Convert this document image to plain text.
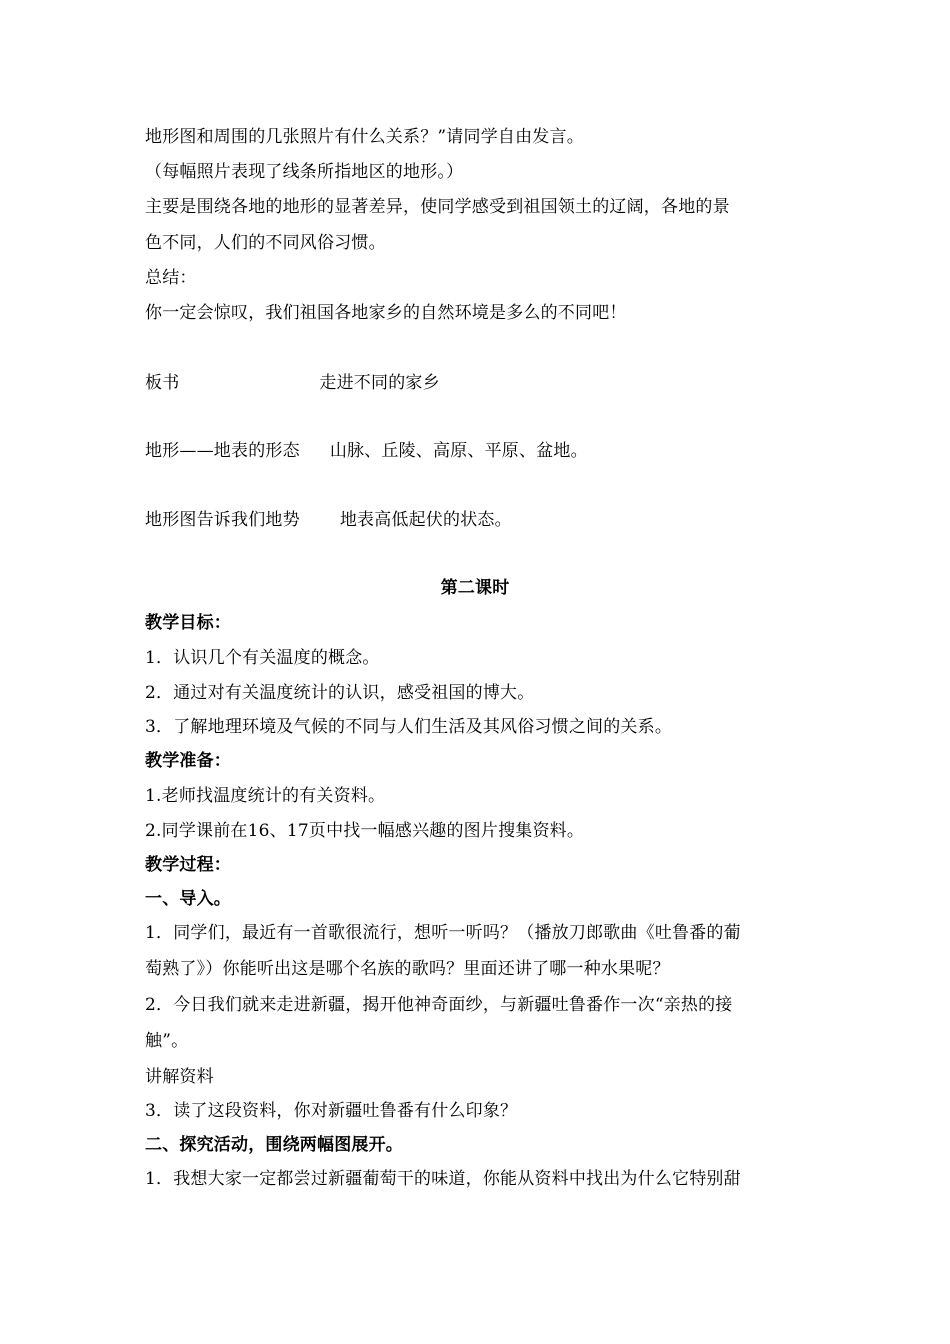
地形图和周围的几张照片有什么关系？”请同学自由发言。
（每幅照片表现了线条所指地区的地形。）
主要是围绕各地的地形的显著差异，使同学感受到祖国领土的辽阔，各地的景
色不同，人们的不同风俗习惯。
总结：
你一定会惊叹，我们祖国各地家乡的自然环境是多么的不同吧！
板书	走进不同的家乡
地形——地表的形态 山脉、丘陵、高原、平原、盆地。
地形图告诉我们地势 地表高低起伏的状态。
第二课时
教学目标：
1．认识几个有关温度的概念。
2．通过对有关温度统计的认识，感受祖国的博大。
3．了解地理环境及气候的不同与人们生活及其风俗习惯之间的关系。
教学准备：
1.老师找温度统计的有关资料。
2.同学课前在16、17页中找一幅感兴趣的图片搜集资料。
教学过程：
一、导入。
1．同学们，最近有一首歌很流行，想听一听吗？（播放刀郎歌曲《吐鲁番的葡
萄熟了》）你能听出这是哪个名族的歌吗？里面还讲了哪一种水果呢？
2．今日我们就来走进新疆，揭开他神奇面纱，与新疆吐鲁番作一次“亲热的接
触”。
讲解资料
3．读了这段资料，你对新疆吐鲁番有什么印象？
二、探究活动，围绕两幅图展开。
1．我想大家一定都尝过新疆葡萄干的味道，你能从资料中找出为什么它特别甜
